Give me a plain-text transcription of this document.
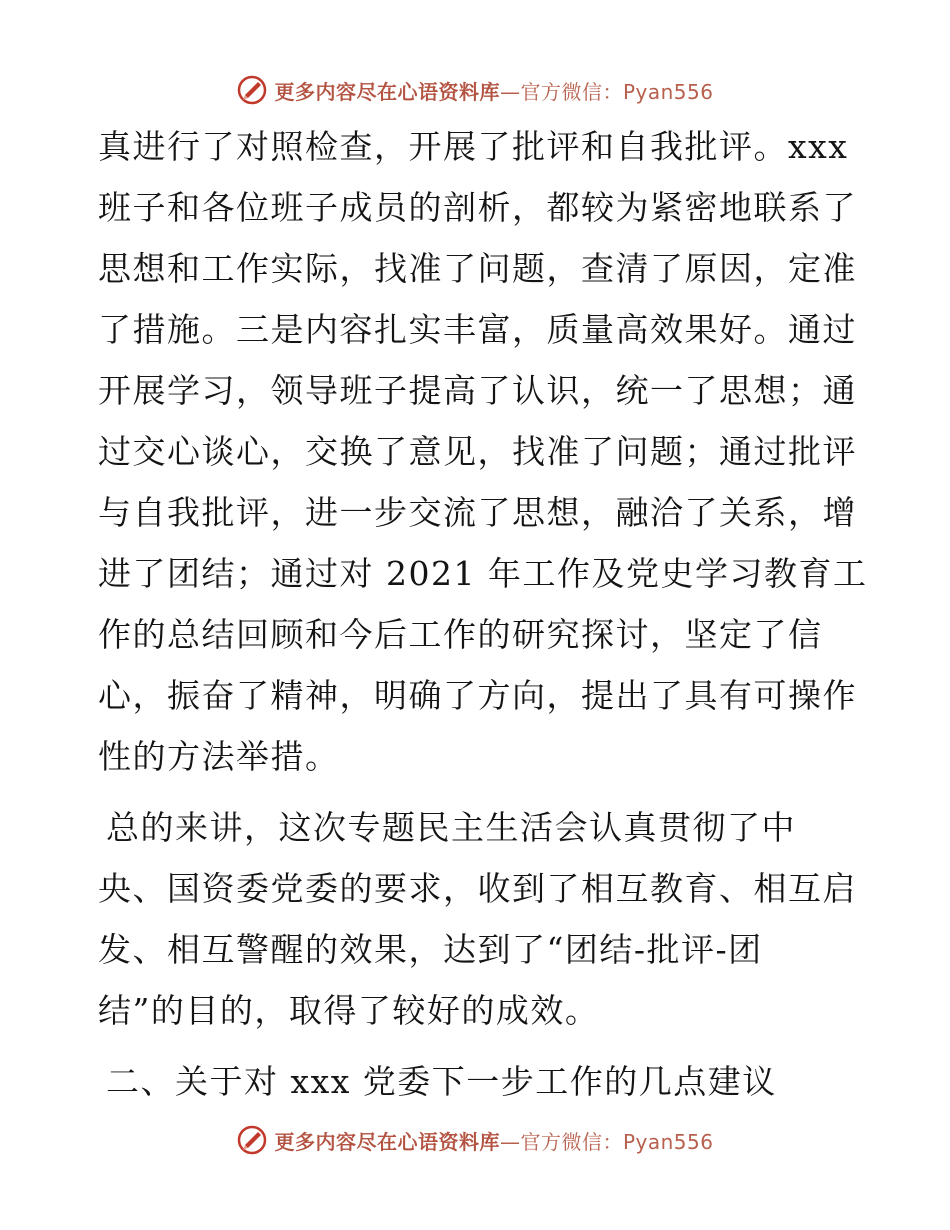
更多内容尽在心语资料库—官方微信：Pyan556
真进行了对照检查，开展了批评和自我批评。xxx
班子和各位班子成员的剖析，都较为紧密地联系了
思想和工作实际，找准了问题，查清了原因，定准
了措施。三是内容扎实丰富，质量高效果好。通过
开展学习，领导班子提高了认识，统一了思想；通
过交心谈心，交换了意见，找准了问题；通过批评
与自我批评，进一步交流了思想，融洽了关系，增
进了团结；通过对 2021 年工作及党史学习教育工
作的总结回顾和今后工作的研究探讨，坚定了信
心，振奋了精神，明确了方向，提出了具有可操作
性的方法举措。
总的来讲，这次专题民主生活会认真贯彻了中
央、国资委党委的要求，收到了相互教育、相互启
发、相互警醒的效果，达到了“团结-批评-团
结”的目的，取得了较好的成效。
二、关于对 xxx 党委下一步工作的几点建议
更多内容尽在心语资料库—官方微信：Pyan556
